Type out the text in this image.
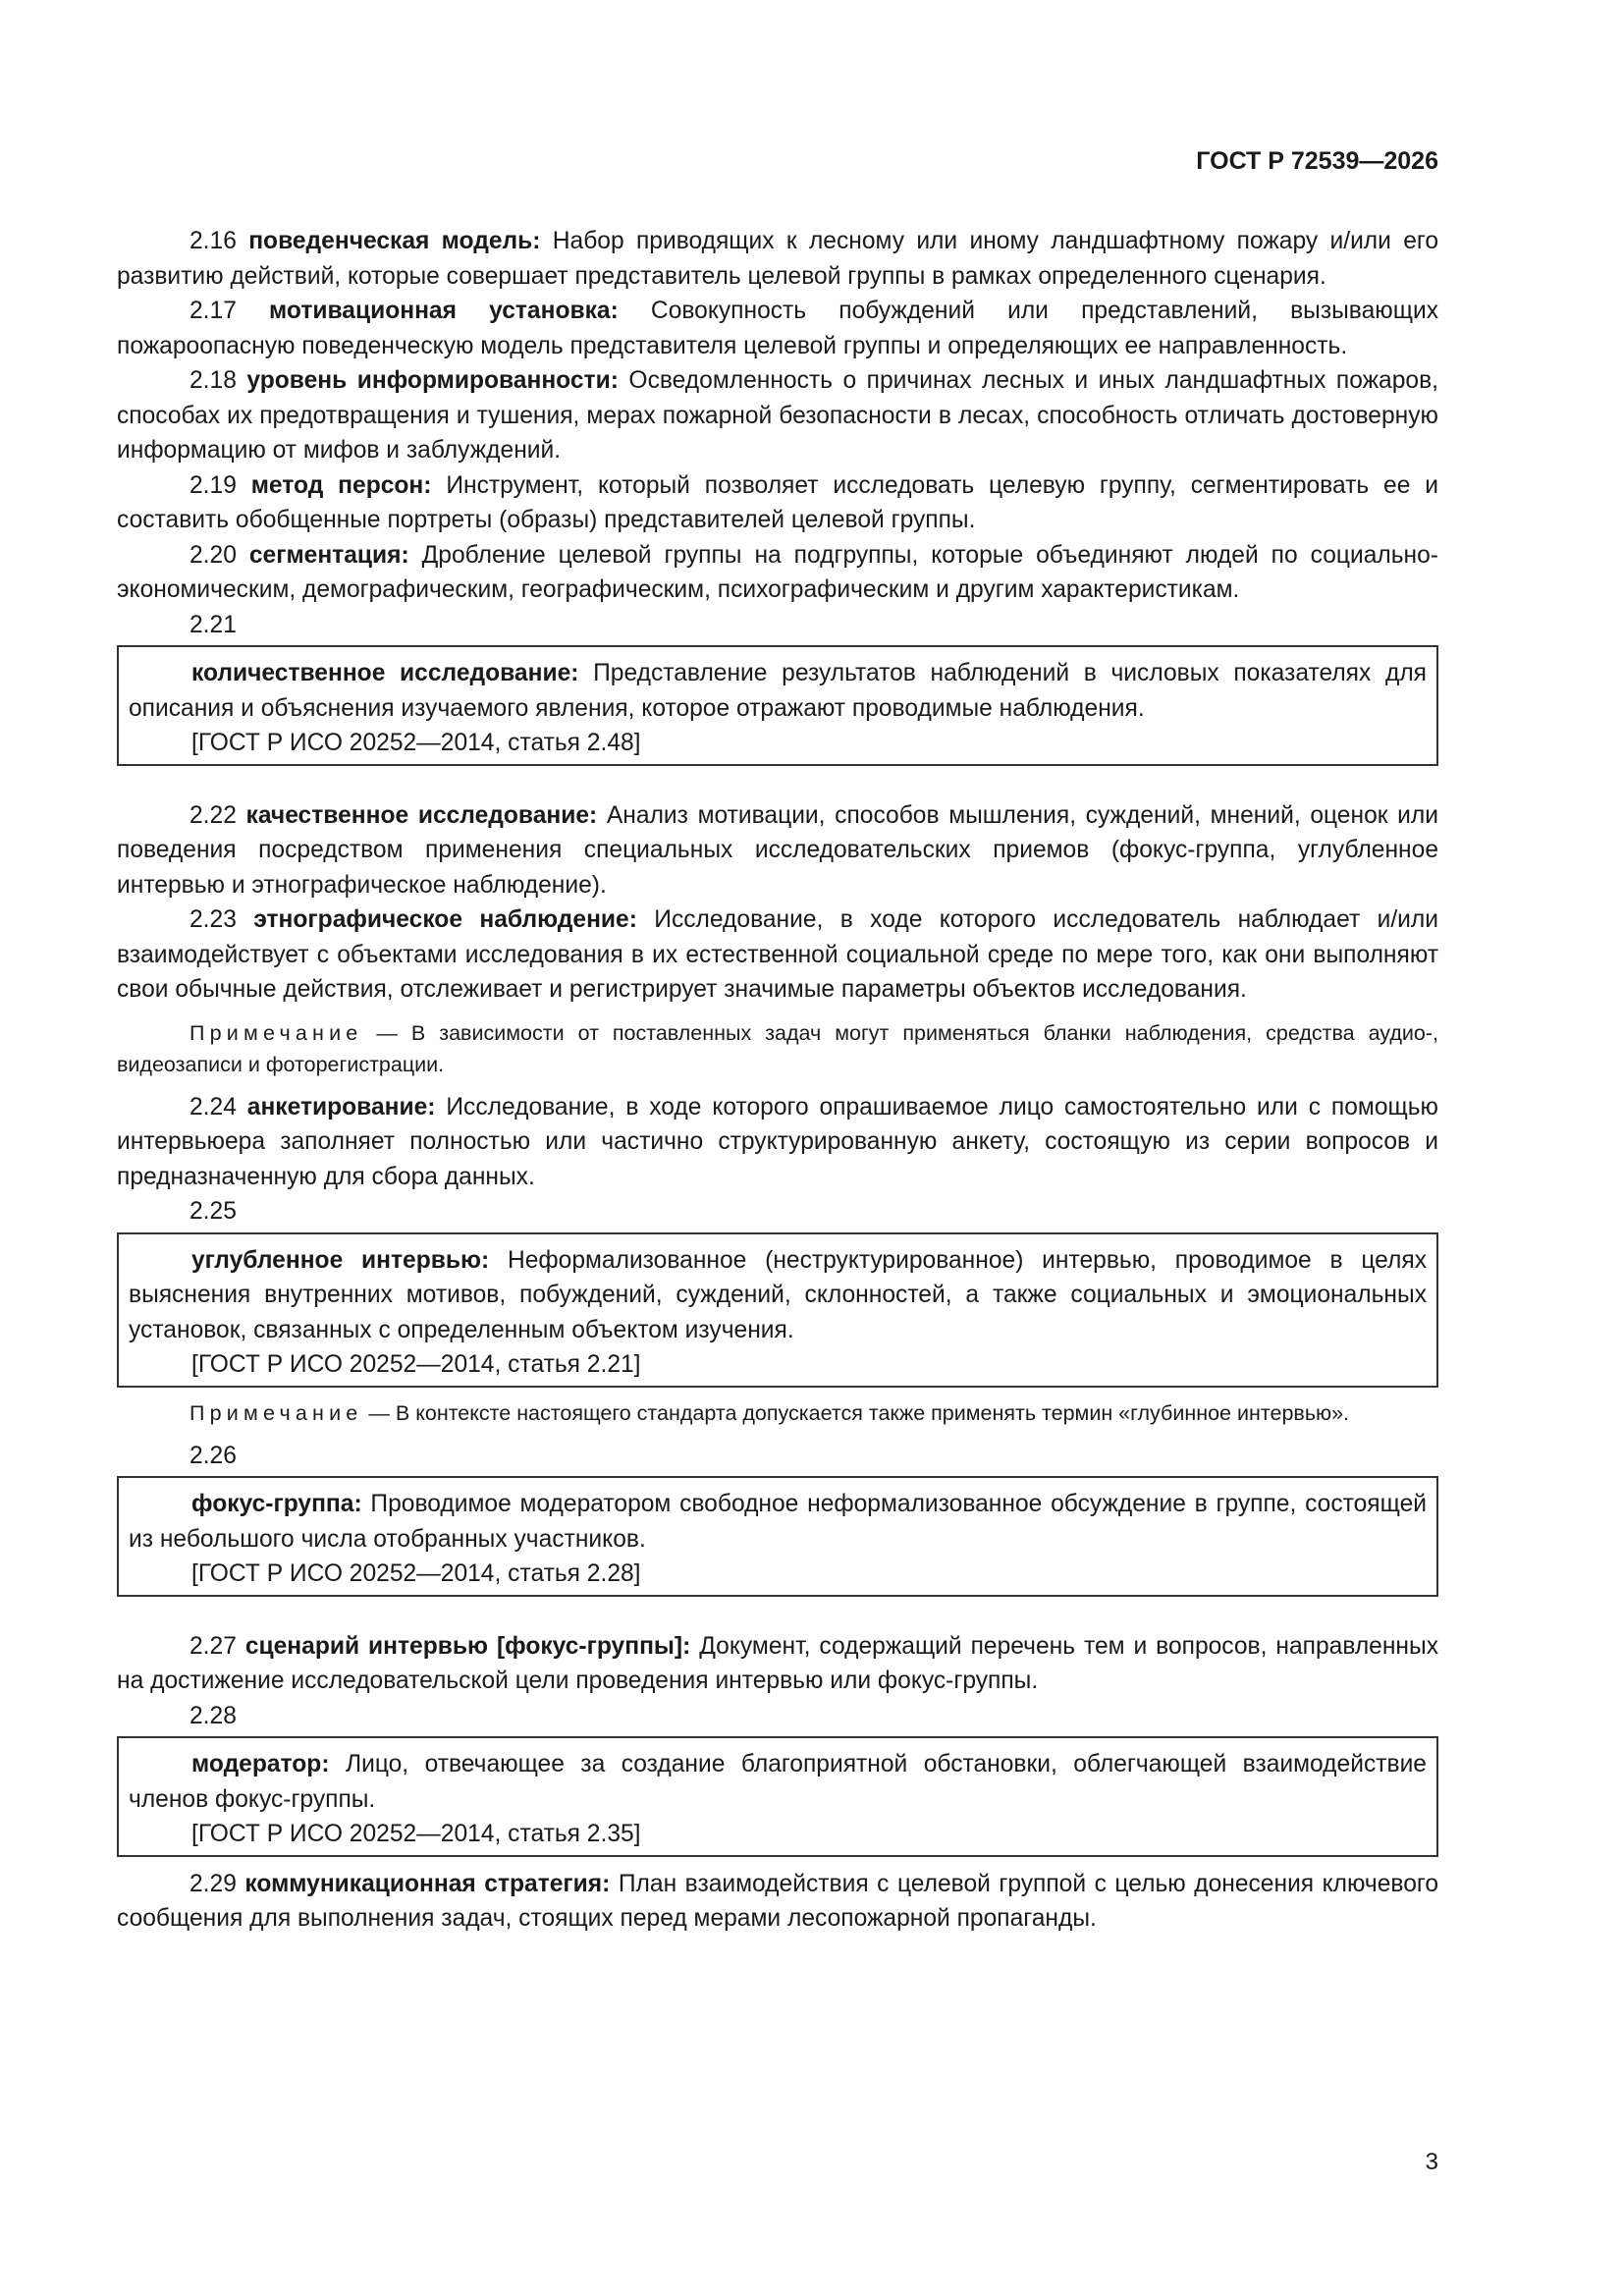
ГОСТ Р 72539—2026

2.16 поведенческая модель: Набор приводящих к лесному или иному ландшафтному пожару и/или его развитию действий, которые совершает представитель целевой группы в рамках определенного сценария.

2.17 мотивационная установка: Совокупность побуждений или представлений, вызывающих пожароопасную поведенческую модель представителя целевой группы и определяющих ее направленность.

2.18 уровень информированности: Осведомленность о причинах лесных и иных ландшафтных пожаров, способах их предотвращения и тушения, мерах пожарной безопасности в лесах, способность отличать достоверную информацию от мифов и заблуждений.

2.19 метод персон: Инструмент, который позволяет исследовать целевую группу, сегментировать ее и составить обобщенные портреты (образы) представителей целевой группы.

2.20 сегментация: Дробление целевой группы на подгруппы, которые объединяют людей по социально-экономическим, демографическим, географическим, психографическим и другим характеристикам.

2.21

количественное исследование: Представление результатов наблюдений в числовых показателях для описания и объяснения изучаемого явления, которое отражают проводимые наблюдения.

[ГОСТ Р ИСО 20252—2014, статья 2.48]

2.22 качественное исследование: Анализ мотивации, способов мышления, суждений, мнений, оценок или поведения посредством применения специальных исследовательских приемов (фокус-группа, углубленное интервью и этнографическое наблюдение).

2.23 этнографическое наблюдение: Исследование, в ходе которого исследователь наблюдает и/или взаимодействует с объектами исследования в их естественной социальной среде по мере того, как они выполняют свои обычные действия, отслеживает и регистрирует значимые параметры объектов исследования.

Примечание — В зависимости от поставленных задач могут применяться бланки наблюдения, средства аудио-, видеозаписи и фоторегистрации.

2.24 анкетирование: Исследование, в ходе которого опрашиваемое лицо самостоятельно или с помощью интервьюера заполняет полностью или частично структурированную анкету, состоящую из серии вопросов и предназначенную для сбора данных.

2.25

углубленное интервью: Неформализованное (неструктурированное) интервью, проводимое в целях выяснения внутренних мотивов, побуждений, суждений, склонностей, а также социальных и эмоциональных установок, связанных с определенным объектом изучения.

[ГОСТ Р ИСО 20252—2014, статья 2.21]

Примечание — В контексте настоящего стандарта допускается также применять термин «глубинное интервью».

2.26

фокус-группа: Проводимое модератором свободное неформализованное обсуждение в группе, состоящей из небольшого числа отобранных участников.

[ГОСТ Р ИСО 20252—2014, статья 2.28]

2.27 сценарий интервью [фокус-группы]: Документ, содержащий перечень тем и вопросов, направленных на достижение исследовательской цели проведения интервью или фокус-группы.

2.28

модератор: Лицо, отвечающее за создание благоприятной обстановки, облегчающей взаимодействие членов фокус-группы.

[ГОСТ Р ИСО 20252—2014, статья 2.35]

2.29 коммуникационная стратегия: План взаимодействия с целевой группой с целью донесения ключевого сообщения для выполнения задач, стоящих перед мерами лесопожарной пропаганды.

3
